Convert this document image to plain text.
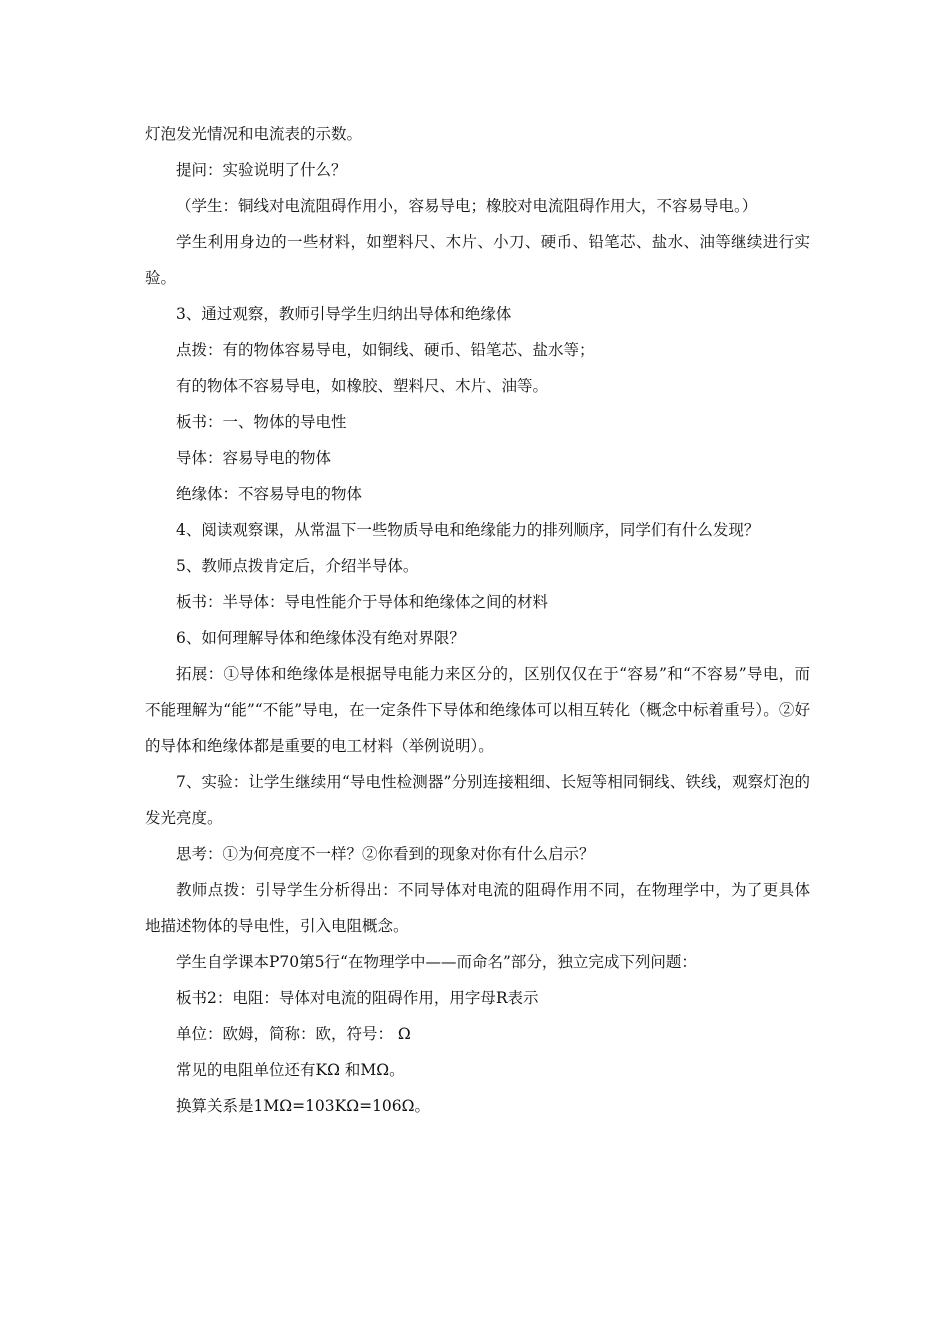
灯泡发光情况和电流表的示数。

提问：实验说明了什么？

（学生：铜线对电流阻碍作用小，容易导电；橡胶对电流阻碍作用大，不容易导电。）

学生利用身边的一些材料，如塑料尺、木片、小刀、硬币、铅笔芯、盐水、油等继续进行实验。

3、通过观察，教师引导学生归纳出导体和绝缘体

点拨：有的物体容易导电，如铜线、硬币、铅笔芯、盐水等；

有的物体不容易导电，如橡胶、塑料尺、木片、油等。

板书：一、物体的导电性

导体：容易导电的物体

绝缘体：不容易导电的物体

4、阅读观察课，从常温下一些物质导电和绝缘能力的排列顺序，同学们有什么发现？

5、教师点拨肯定后，介绍半导体。

板书：半导体：导电性能介于导体和绝缘体之间的材料

6、如何理解导体和绝缘体没有绝对界限？

拓展：①导体和绝缘体是根据导电能力来区分的，区别仅仅在于“容易”和“不容易”导电，而不能理解为“能”“不能”导电，在一定条件下导体和绝缘体可以相互转化（概念中标着重号）。②好的导体和绝缘体都是重要的电工材料（举例说明）。

7、实验：让学生继续用“导电性检测器”分别连接粗细、长短等相同铜线、铁线，观察灯泡的发光亮度。

思考：①为何亮度不一样？②你看到的现象对你有什么启示？

教师点拨：引导学生分析得出：不同导体对电流的阻碍作用不同，在物理学中，为了更具体地描述物体的导电性，引入电阻概念。

学生自学课本P70第5行“在物理学中——而命名”部分，独立完成下列问题：

板书2：电阻：导体对电流的阻碍作用，用字母R表示

单位：欧姆，简称：欧，符号： Ω

常见的电阻单位还有KΩ 和MΩ。

换算关系是1MΩ=103KΩ=106Ω。
